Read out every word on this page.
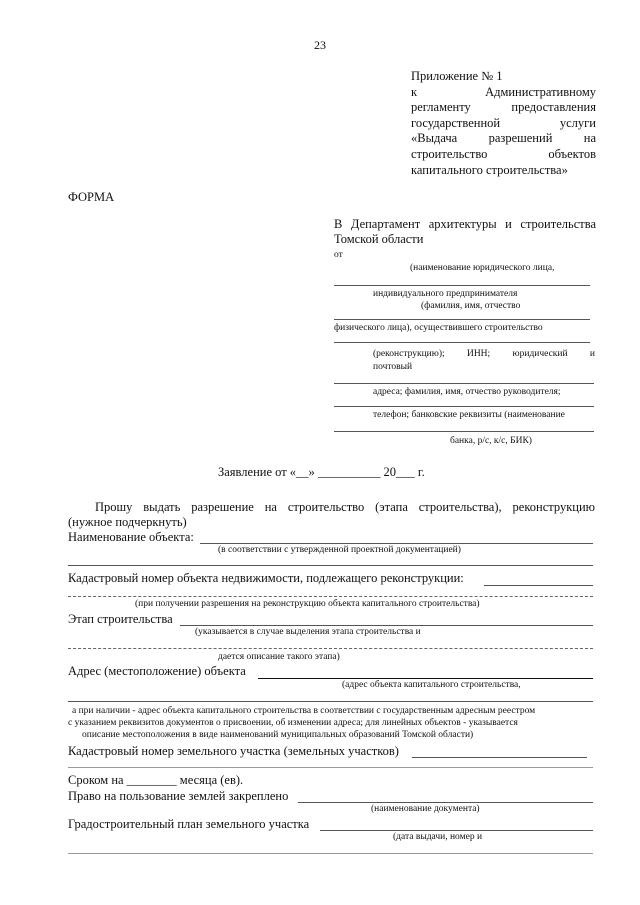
23
Приложение № 1
к Административному
регламенту предоставления
государственной услуги
«Выдача разрешений на
строительство объектов
капитального строительства»
ФОРМА
В Департамент архитектуры и строительства
Томской области
от
(наименование юридического лица,
индивидуального предпринимателя
(фамилия, имя, отчество
физического лица), осуществившего строительство
(реконструкцию); ИНН; юридический и
почтовый
адреса; фамилия, имя, отчество руководителя;
телефон; банковские реквизиты (наименование
банка, р/с, к/с, БИК)
Заявление от «__» __________ 20___ г.
Прошу выдать разрешение на строительство (этапа строительства), реконструкцию
(нужное подчеркнуть)
Наименование объекта:
(в соответствии с утвержденной проектной документацией)
Кадастровый номер объекта недвижимости, подлежащего реконструкции:
(при получении разрешения на реконструкцию объекта капитального строительства)
Этап строительства
(указывается в случае выделения этапа строительства и
дается описание такого этапа)
Адрес (местоположение) объекта
(адрес объекта капитального строительства,
а при наличии - адрес объекта капитального строительства в соответствии с государственным адресным реестром
с указанием реквизитов документов о присвоении, об изменении адреса; для линейных объектов - указывается
описание местоположения в виде наименований муниципальных образований Томской области)
Кадастровый номер земельного участка (земельных участков)
Сроком на ________ месяца (ев).
Право на пользование землей закреплено
(наименование документа)
Градостроительный план земельного участка
(дата выдачи, номер и
